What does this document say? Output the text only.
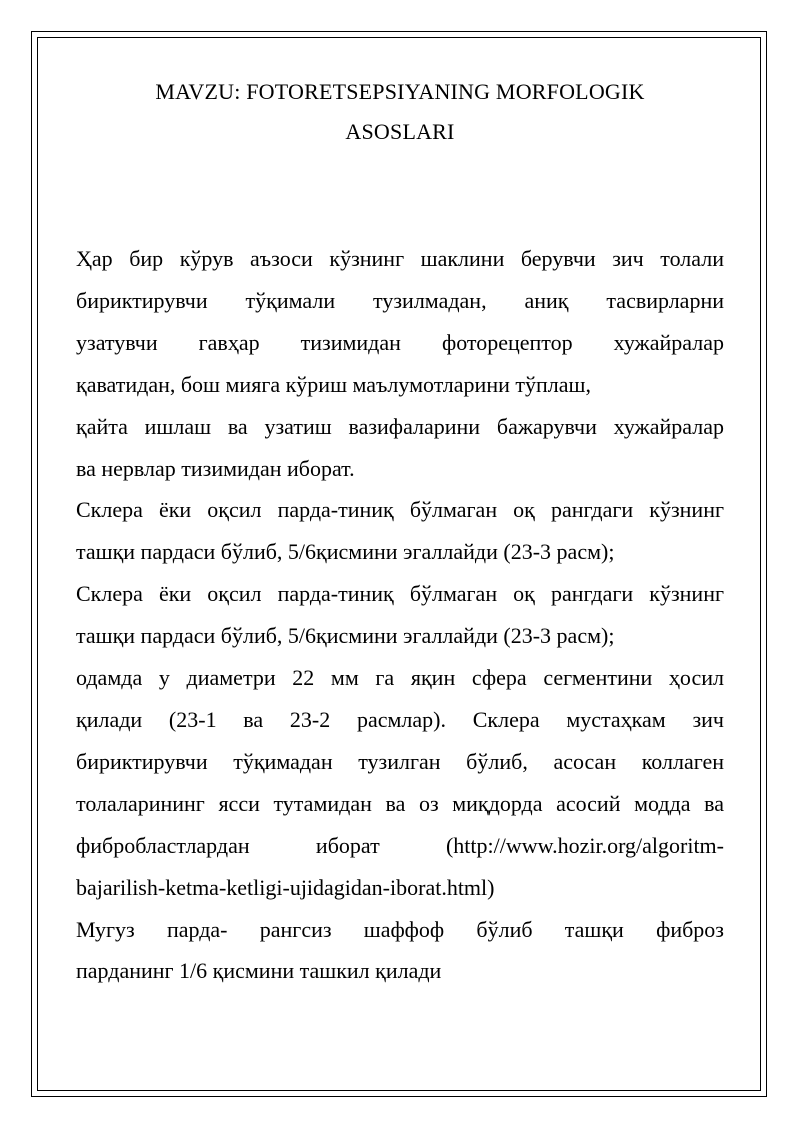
MAVZU: FOTORETSEPSIYANING MORFOLOGIK
ASOSLARI
Ҳар бир кўрув аъзоси кўзнинг шаклини берувчи зич толали
бириктирувчи тўқимали тузилмадан, аниқ тасвирларни
узатувчи гавҳар тизимидан фоторецептор хужайралар
қаватидан, бош мияга кўриш маълумотларини тўплаш,
қайта ишлаш ва узатиш вазифаларини бажарувчи хужайралар
ва нервлар тизимидан иборат.
Склера ёки оқсил парда-тиниқ бўлмаган оқ рангдаги кўзнинг
ташқи пардаси бўлиб, 5/6қисмини эгаллайди (23-3 расм);
Склера ёки оқсил парда-тиниқ бўлмаган оқ рангдаги кўзнинг
ташқи пардаси бўлиб, 5/6қисмини эгаллайди (23-3 расм);
одамда у диаметри 22 мм га яқин сфера сегментини ҳосил
қилади (23-1 ва 23-2 расмлар). Склера мустаҳкам зич
бириктирувчи тўқимадан тузилган бўлиб, асосан коллаген
толаларининг ясси тутамидан ва оз миқдорда асосий модда ва
фибробластлардан иборат (http://www.hozir.org/algoritm-
bajarilish-ketma-ketligi-ujidagidan-iborat.html)
Мугуз парда- рангсиз шаффоф бўлиб ташқи фиброз
парданинг 1/6 қисмини ташкил қилади
